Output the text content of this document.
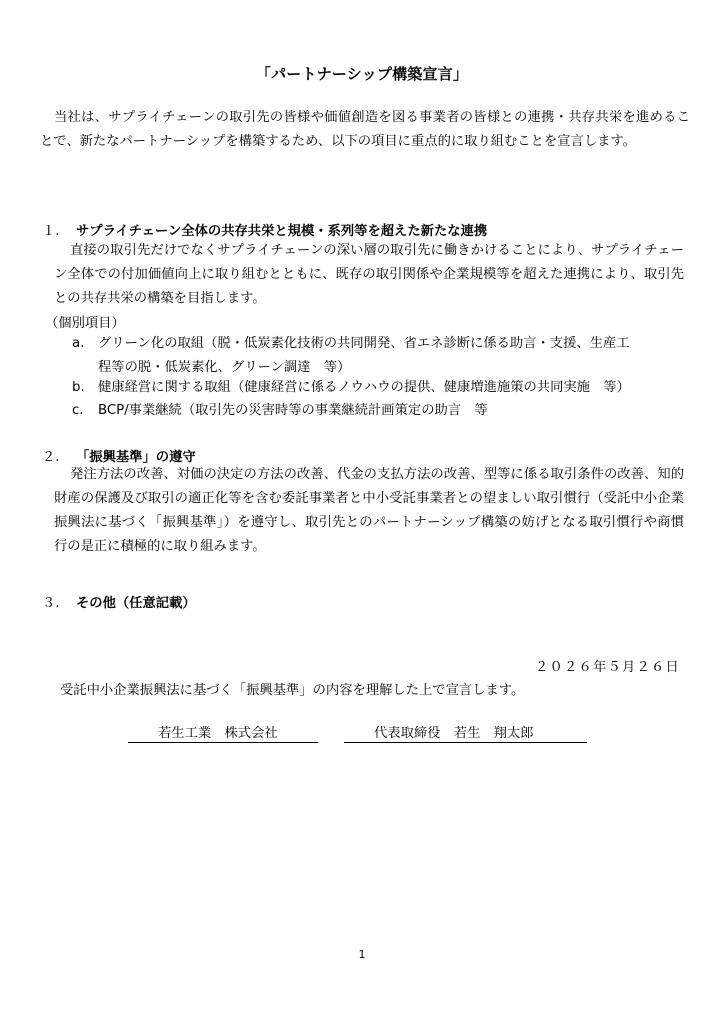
「パートナーシップ構築宣言」
当社は、サプライチェーンの取引先の皆様や価値創造を図る事業者の皆様との連携・共存共栄を進めることで、新たなパートナーシップを構築するため、以下の項目に重点的に取り組むことを宣言します。
１. サプライチェーン全体の共存共栄と規模・系列等を超えた新たな連携
直接の取引先だけでなくサプライチェーンの深い層の取引先に働きかけることにより、サプライチェーン全体での付加価値向上に取り組むとともに、既存の取引関係や企業規模等を超えた連携により、取引先との共存共栄の構築を目指します。
（個別項目）
a. グリーン化の取組（脱・低炭素化技術の共同開発、省エネ診断に係る助言・支援、生産工
程等の脱・低炭素化、グリーン調達　等）
b. 健康経営に関する取組（健康経営に係るノウハウの提供、健康増進施策の共同実施　等）
c. BCP/事業継続（取引先の災害時等の事業継続計画策定の助言　等
２. 「振興基準」の遵守
発注方法の改善、対価の決定の方法の改善、代金の支払方法の改善、型等に係る取引条件の改善、知的財産の保護及び取引の適正化等を含む委託事業者と中小受託事業者との望ましい取引慣行（受託中小企業振興法に基づく「振興基準」）を遵守し、取引先とのパートナーシップ構築の妨げとなる取引慣行や商慣行の是正に積極的に取り組みます。
３. その他（任意記載）
２０２６年５月２６日
受託中小企業振興法に基づく「振興基準」の内容を理解した上で宣言します。
若生工業　株式会社	代表取締役　若生　翔太郎
1
